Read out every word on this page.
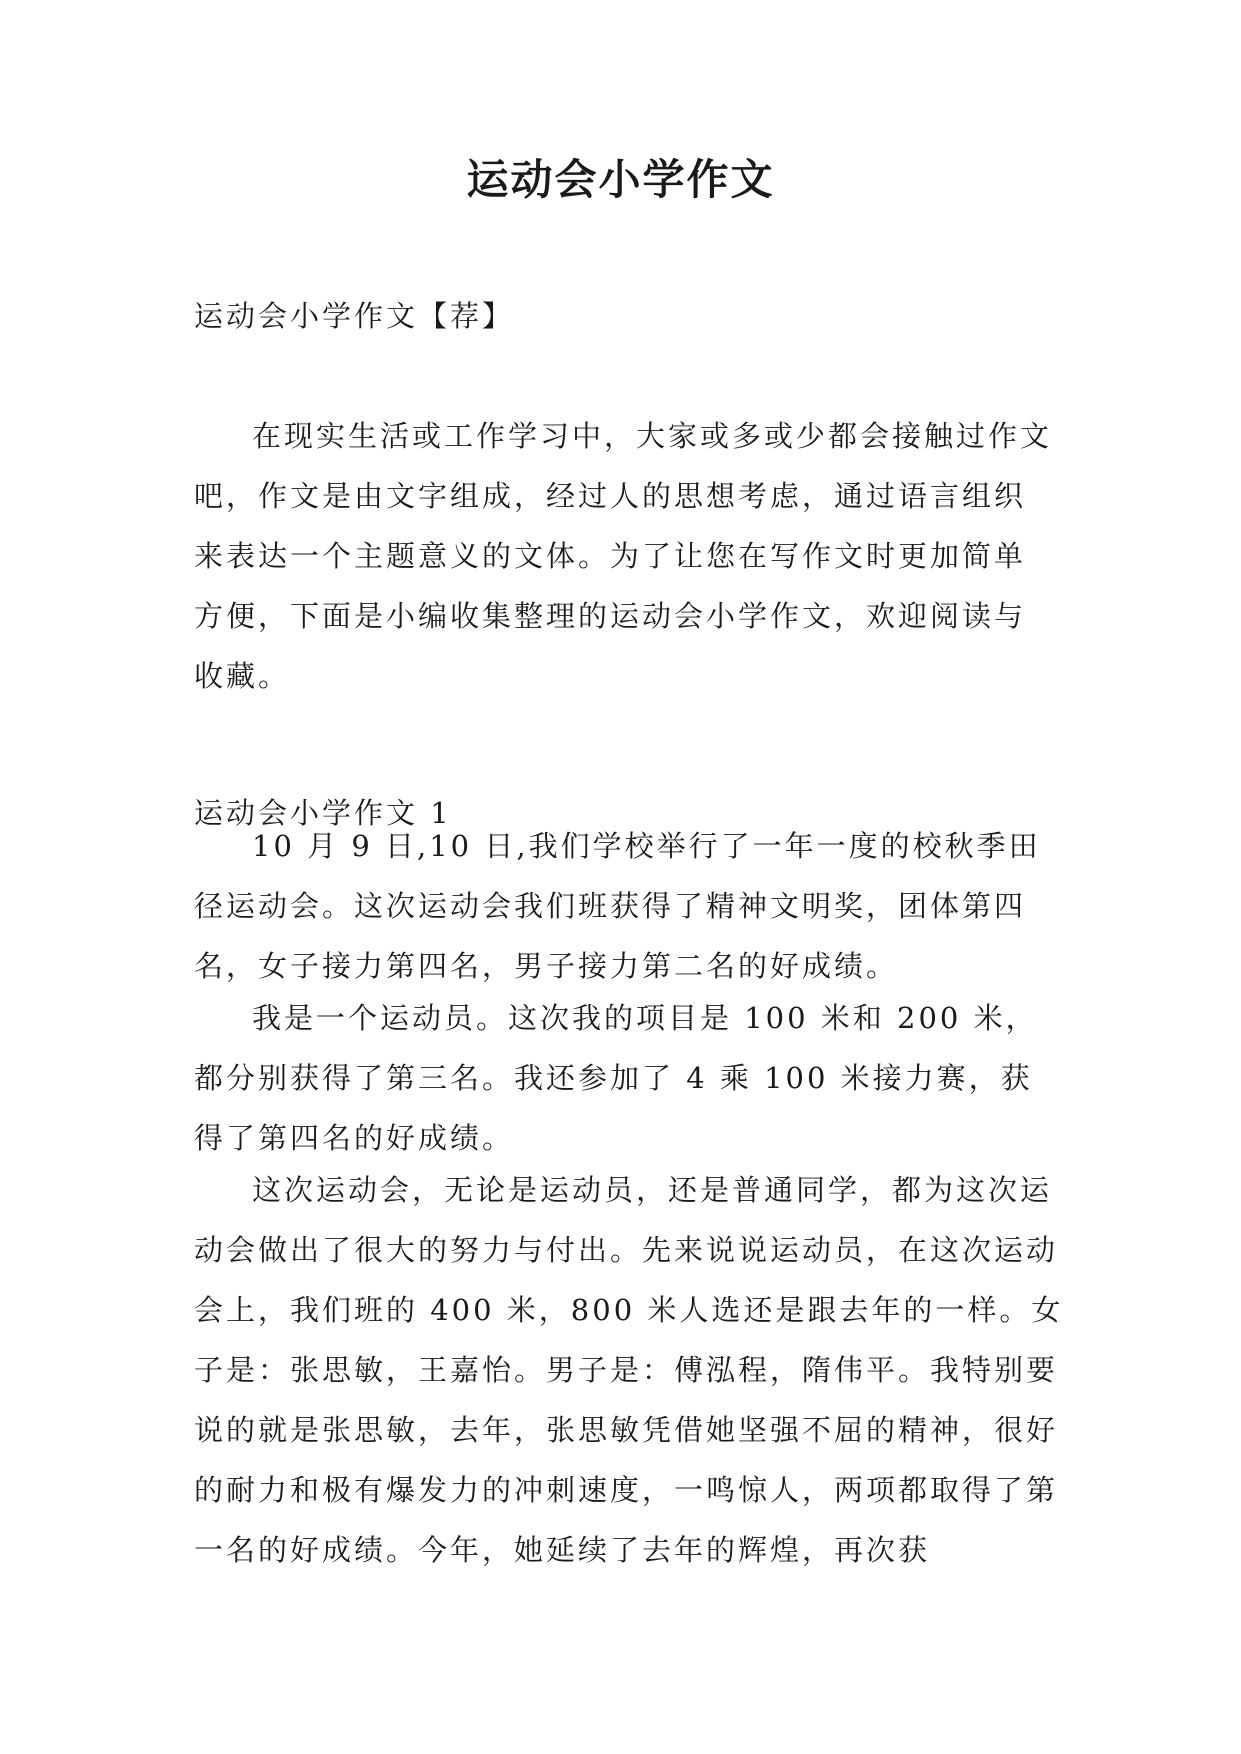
运动会小学作文

运动会小学作文【荐】

在现实生活或工作学习中，大家或多或少都会接触过作文吧，作文是由文字组成，经过人的思想考虑，通过语言组织来表达一个主题意义的文体。为了让您在写作文时更加简单方便，下面是小编收集整理的运动会小学作文，欢迎阅读与收藏。

运动会小学作文 1

10 月 9 日,10 日,我们学校举行了一年一度的校秋季田径运动会。这次运动会我们班获得了精神文明奖，团体第四名，女子接力第四名，男子接力第二名的好成绩。

我是一个运动员。这次我的项目是 100 米和 200 米，都分别获得了第三名。我还参加了 4 乘 100 米接力赛，获得了第四名的好成绩。

这次运动会，无论是运动员，还是普通同学，都为这次运动会做出了很大的努力与付出。先来说说运动员，在这次运动会上，我们班的 400 米，800 米人选还是跟去年的一样。女子是：张思敏，王嘉怡。男子是：傅泓程，隋伟平。我特别要说的就是张思敏，去年，张思敏凭借她坚强不屈的精神，很好的耐力和极有爆发力的冲刺速度，一鸣惊人，两项都取得了第一名的好成绩。今年，她延续了去年的辉煌，再次获
